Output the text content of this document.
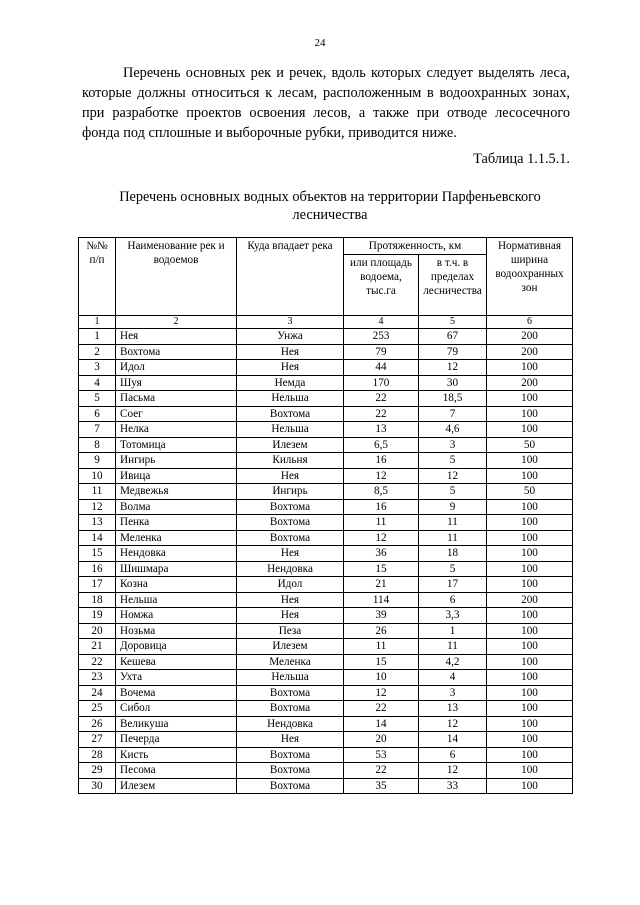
24

Перечень основных рек и речек, вдоль которых следует выделять леса, которые должны относиться к лесам, расположенным в водоохранных зонах, при разработке проектов освоения лесов, а также при отводе лесосечного фонда под сплошные и выборочные рубки, приводится ниже.

Таблица 1.1.5.1.
Перечень основных водных объектов на территории Парфеньевского
лесничества
№№ п/п	Наименование рек и водоемов	Куда впадает река	Протяженность, км		Нормативная ширина водоохранных зон
			или площадь водоема, тыс.га	в т.ч. в пределах лесничества	
1	2	3	4	5	6
1	Нея	Унжа	253	67	200
2	Вохтома	Нея	79	79	200
3	Идол	Нея	44	12	100
4	Шуя	Немда	170	30	200
5	Пасьма	Нельша	22	18,5	100
6	Соег	Вохтома	22	7	100
7	Нелка	Нельша	13	4,6	100
8	Тотомица	Илезем	6,5	3	50
9	Ингирь	Кильня	16	5	100
10	Ивица	Нея	12	12	100
11	Медвежья	Ингирь	8,5	5	50
12	Волма	Вохтома	16	9	100
13	Пенка	Вохтома	11	11	100
14	Меленка	Вохтома	12	11	100
15	Нендовка	Нея	36	18	100
16	Шишмара	Нендовка	15	5	100
17	Козна	Идол	21	17	100
18	Нельша	Нея	114	6	200
19	Номжа	Нея	39	3,3	100
20	Нозьма	Пеза	26	1	100
21	Доровица	Илезем	11	11	100
22	Кешева	Меленка	15	4,2	100
23	Ухта	Нельша	10	4	100
24	Вочема	Вохтома	12	3	100
25	Сибол	Вохтома	22	13	100
26	Великуша	Нендовка	14	12	100
27	Печерда	Нея	20	14	100
28	Кисть	Вохтома	53	6	100
29	Песома	Вохтома	22	12	100
30	Илезем	Вохтома	35	33	100
